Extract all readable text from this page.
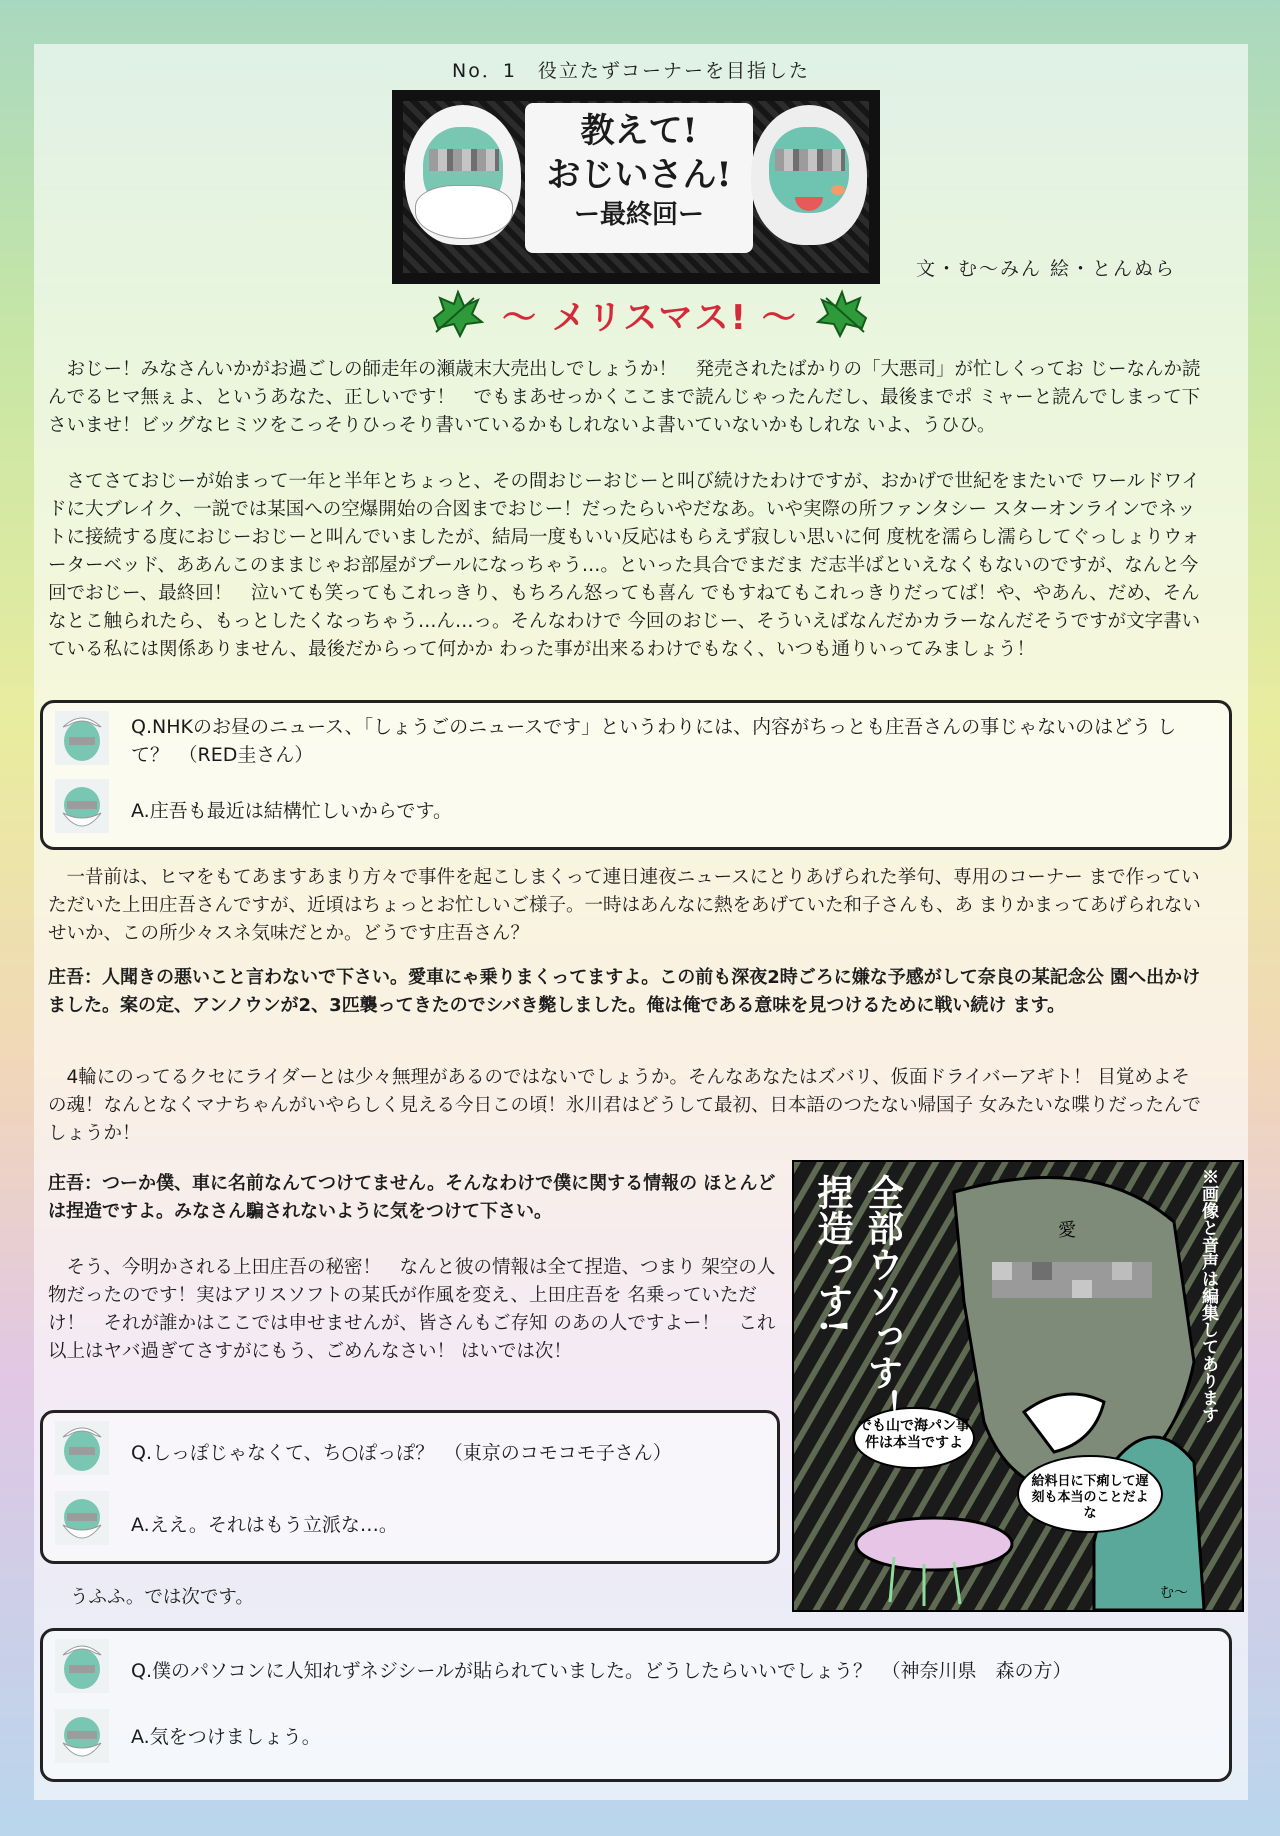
No．1　役立たずコーナーを目指した
教えて!
おじいさん!
ー最終回ー
文・む〜みん 絵・とんぬら
〜 メリスマス! 〜

　おじー！みなさんいかがお過ごしの師走年の瀬歳末大売出しでしょうか！　発売されたばかりの「大悪司」が忙しくってお じーなんか読んでるヒマ無ぇよ、というあなた、正しいです！　でもまあせっかくここまで読んじゃったんだし、最後までポ ミャーと読んでしまって下さいませ！ビッグなヒミツをこっそりひっそり書いているかもしれないよ書いていないかもしれな いよ、うひひ。

　さてさておじーが始まって一年と半年とちょっと、その間おじーおじーと叫び続けたわけですが、おかげで世紀をまたいで ワールドワイドに大ブレイク、一説では某国への空爆開始の合図までおじー！だったらいやだなあ。いや実際の所ファンタシー スターオンラインでネットに接続する度におじーおじーと叫んでいましたが、結局一度もいい反応はもらえず寂しい思いに何 度枕を濡らし濡らしてぐっしょりウォーターベッド、ああんこのままじゃお部屋がプールになっちゃう…。といった具合でまだま だ志半ばといえなくもないのですが、なんと今回でおじー、最終回！　泣いても笑ってもこれっきり、もちろん怒っても喜ん でもすねてもこれっきりだってば！や、やあん、だめ、そんなとこ触られたら、もっとしたくなっちゃう…ん…っ。そんなわけで 今回のおじー、そういえばなんだかカラーなんだそうですが文字書いている私には関係ありません、最後だからって何かか わった事が出来るわけでもなく、いつも通りいってみましょう！

Q.NHKのお昼のニュース、「しょうごのニュースです」というわりには、内容がちっとも庄吾さんの事じゃないのはどう して？　（RED圭さん）
A.庄吾も最近は結構忙しいからです。

　一昔前は、ヒマをもてあますあまり方々で事件を起こしまくって連日連夜ニュースにとりあげられた挙句、専用のコーナー まで作っていただいた上田庄吾さんですが、近頃はちょっとお忙しいご様子。一時はあんなに熱をあげていた和子さんも、あ まりかまってあげられないせいか、この所少々スネ気味だとか。どうです庄吾さん？

庄吾：人聞きの悪いこと言わないで下さい。愛車にゃ乗りまくってますよ。この前も深夜2時ごろに嫌な予感がして奈良の某記念公 園へ出かけました。案の定、アンノウンが2、3匹襲ってきたのでシバき斃しました。俺は俺である意味を見つけるために戦い続け ます。

　4輪にのってるクセにライダーとは少々無理があるのではないでしょうか。そんなあなたはズバリ、仮面ドライバーアギト！ 目覚めよその魂！なんとなくマナちゃんがいやらしく見える今日この頃！氷川君はどうして最初、日本語のつたない帰国子 女みたいな喋りだったんでしょうか！

庄吾：つーか僕、車に名前なんてつけてません。そんなわけで僕に関する情報の ほとんどは捏造ですよ。みなさん騙されないように気をつけて下さい。

　そう、今明かされる上田庄吾の秘密！　なんと彼の情報は全て捏造、つまり 架空の人物だったのです！実はアリスソフトの某氏が作風を変え、上田庄吾を 名乗っていただけ！　それが誰かはここでは申せませんが、皆さんもご存知 のあの人ですよー！　これ以上はヤバ過ぎてさすがにもう、ごめんなさい！ はいでは次！

Q.しっぽじゃなくて、ち○ぽっぽ？　（東京のコモコモ子さん）
A.ええ。それはもう立派な…。

うふふ。では次です。

全部ウソっす！
捏造っす!	※画像と音声は編集してあります
でも山で海パン事件は本当ですよ
給料日に下痢して遅刻も本当のことだよな
愛
む〜
Q.僕のパソコンに人知れずネジシールが貼られていました。どうしたらいいでしょう？　（神奈川県　森の方）
A.気をつけましょう。
